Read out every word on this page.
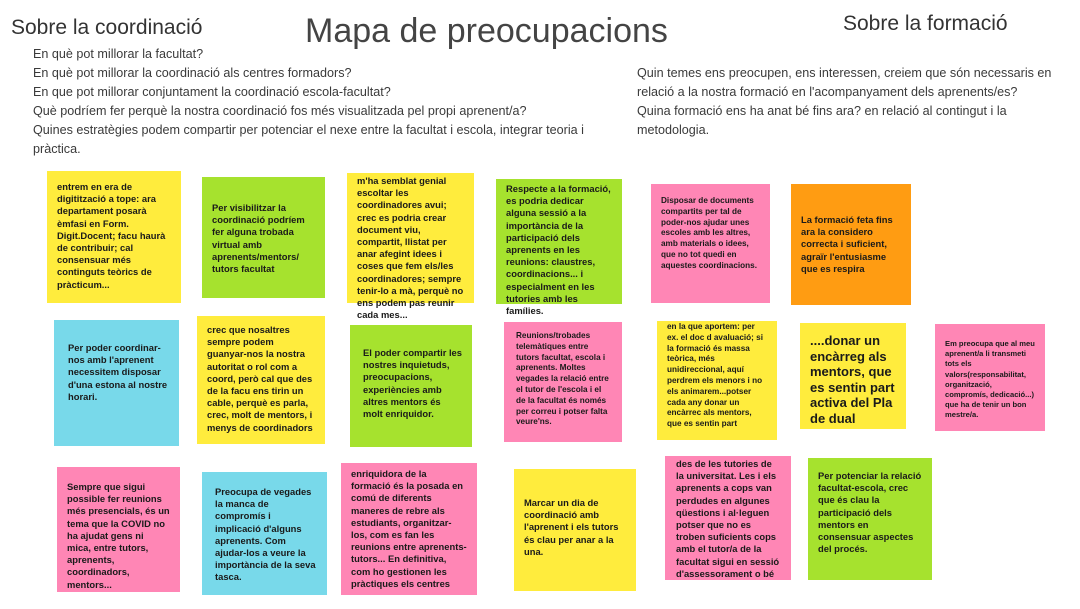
Sobre la coordinació	Mapa de preocupacions	Sobre la formació
En què pot millorar la facultat?
En què pot millorar la coordinació als centres formadors?
En que pot millorar conjuntament la coordinació escola-facultat?
Què podríem fer perquè la nostra coordinació fos més visualitzada pel propi aprenent/a?
Quines estratègies podem compartir per potenciar el nexe entre la facultat i escola, integrar teoria i pràctica.
Quin temes ens preocupen, ens interessen, creiem que són necessaris en relació a la nostra formació en l'acompanyament dels aprenents/es?
Quina formació ens ha anat bé fins ara? en relació al contingut i la metodologia.
entrem en era de digitització a tope: ara departament posarà èmfasi en Form. Digit.Docent; facu haurà de contribuir; cal consensuar més continguts teòrics de pràcticum...
Per visibilitzar la coordinació podríem fer alguna trobada virtual amb aprenents/mentors/ tutors facultat
m'ha semblat genial escoltar les coordinadores avui; crec es podria crear document viu, compartit, llistat per anar afegint idees i coses que fem els/les coordinadores; sempre tenir-lo a mà, perquè no ens podem pas reunir cada mes...
Respecte a la formació, es podria dedicar alguna sessió a la importància de la participació dels aprenents en les reunions: claustres, coordinacions... i especialment en les tutories amb les famílies.
Disposar de documents compartits per tal de poder-nos ajudar unes escoles amb les altres, amb materials o idees, que no tot quedi en aquestes coordinacions.
La formació feta fins ara la considero correcta i suficient, agraïr l'entusiasme que es respira
Per poder coordinar-nos amb l'aprenent necessitem disposar d'una estona al nostre horari.
crec que nosaltres sempre podem guanyar-nos la nostra autoritat o rol com a coord, però cal que des de la facu ens tirin un cable, perquè es parla, crec, molt de mentors, i menys de coordinadors
El poder compartir les nostres inquietuds, preocupacions, experiències amb altres mentors és molt enriquidor.
Reunions/trobades telemàtiques entre tutors facultat, escola i aprenents. Moltes vegades la relació entre el tutor de l'escola i el de la facultat és només per correu i potser falta veure'ns.
en la que aportem: per ex. el doc d avaluació; si la formació és massa teòrica, més unidireccional, aquí perdrem els menors i no els animarem...potser cada any donar un encàrrec als mentors, que es sentin part
....donar un encàrreg als mentors, que es sentin part activa del Pla de dual
Em preocupa que al meu aprenent/a li transmeti tots els valors(responsabilitat, organització, compromís, dedicació...) que ha de tenir un bon mestre/a.
Sempre que sigui possible fer reunions més presencials, és un tema que la COVID no ha ajudat gens ni mica, entre tutors, aprenents, coordinadors, mentors...
Preocupa de vegades la manca de compromís i implicació d'alguns aprenents. Com ajudar-los a veure la importància de la seva tasca.
enriquidora de la formació és la posada en comú de diferents maneres de rebre als estudiants, organitzar-los, com es fan les reunions entre aprenents-tutors... En definitiva, com ho gestionen les pràctiques els centres
Marcar un dia de coordinació amb l'aprenent i els tutors és clau per anar a la una.
des de les tutories de la universitat. Les i els aprenents a cops van perdudes en algunes qüestions i al·leguen potser que no es troben suficients cops amb el tutor/a de la facultat sigui en sessió d'assessorament o bé
Per potenciar la relació facultat-escola, crec que és clau la participació dels mentors en consensuar aspectes del procés.
